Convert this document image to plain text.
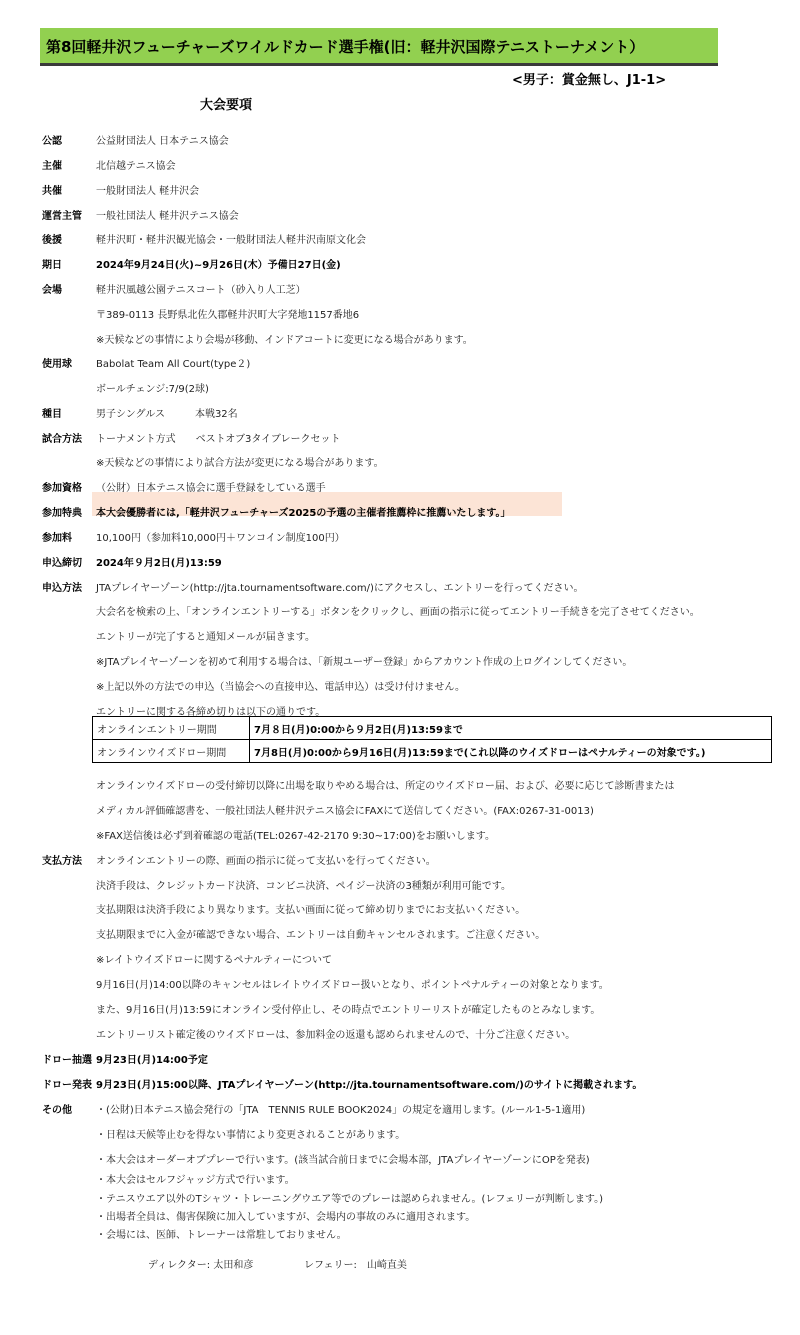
第8回軽井沢フューチャーズワイルドカード選手権(旧：軽井沢国際テニストーナメント）
<男子：賞金無し、J1-1>
大会要項
公認	公益財団法人 日本テニス協会
主催	北信越テニス協会
共催	一般財団法人 軽井沢会
運営主管 一般社団法人 軽井沢テニス協会
後援	軽井沢町・軽井沢観光協会・一般財団法人軽井沢南原文化会
期日	2024年9月24日(火)~9月26日(木）予備日27日(金)
会場	軽井沢風越公園テニスコート（砂入り人工芝）
〒389-0113 長野県北佐久郡軽井沢町大字発地1157番地6
※天候などの事情により会場が移動、インドアコートに変更になる場合があります。
使用球 Babolat Team All Court(type２)
ボールチェンジ:7/9(2球)
種目	男子シングルス　　　本戦32名
試合方法 トーナメント方式　　ベストオブ3タイブレークセット
※天候などの事情により試合方法が変更になる場合があります。
参加資格 （公財）日本テニス協会に選手登録をしている選手
参加特典 本大会優勝者には,「軽井沢フューチャーズ2025の予選の主催者推薦枠に推薦いたします。」
参加料 10,100円（参加料10,000円＋ワンコイン制度100円）
申込締切 2024年９月2日(月)13:59
申込方法 JTAプレイヤーゾーン(http://jta.tournamentsoftware.com/)にアクセスし、エントリーを行ってください。
大会名を検索の上、「オンラインエントリーする」ボタンをクリックし、画面の指示に従ってエントリー手続きを完了させてください。
エントリーが完了すると通知メールが届きます。
※JTAプレイヤーゾーンを初めて利用する場合は、「新規ユーザー登録」からアカウント作成の上ログインしてください。
※上記以外の方法での申込（当協会への直接申込、電話申込）は受け付けません。
エントリーに関する各締め切りは以下の通りです。
オンラインウイズドローの受付締切以降に出場を取りやめる場合は、所定のウイズドロー届、および、必要に応じて診断書または
メディカル評価確認書を、一般社団法人軽井沢テニス協会にFAXにて送信してください。(FAX:0267-31-0013)
※FAX送信後は必ず到着確認の電話(TEL:0267-42-2170 9:30~17:00)をお願いします。
支払方法 オンラインエントリーの際、画面の指示に従って支払いを行ってください。
決済手段は、クレジットカード決済、コンビニ決済、ペイジー決済の3種類が利用可能です。
支払期限は決済手段により異なります。支払い画面に従って締め切りまでにお支払いください。
支払期限までに入金が確認できない場合、エントリーは自動キャンセルされます。ご注意ください。
※レイトウイズドローに関するペナルティーについて
9月16日(月)14:00以降のキャンセルはレイトウイズドロー扱いとなり、ポイントペナルティーの対象となります。
また、9月16日(月)13:59にオンライン受付停止し、その時点でエントリーリストが確定したものとみなします。
エントリーリスト確定後のウイズドローは、参加料金の返還も認められませんので、十分ご注意ください。
ドロー抽選 9月23日(月)14:00予定
ドロー発表 9月23日(月)15:00以降、JTAプレイヤーゾーン(http://jta.tournamentsoftware.com/)のサイトに掲載されます。
その他 ・(公財)日本テニス協会発行の「JTA　TENNIS RULE BOOK2024」の規定を適用します。(ルール1-5-1適用)
・日程は天候等止むを得ない事情により変更されることがあります。
・本大会はオーダーオブプレーで行います。(該当試合前日までに会場本部，JTAプレイヤーゾーンにOPを発表)
・本大会はセルフジャッジ方式で行います。
・テニスウエア以外のTシャツ・トレーニングウエア等でのプレーは認められません。(レフェリーが判断します。)
・出場者全員は、傷害保険に加入していますが、会場内の事故のみに適用されます。
・会場には、医師、トレーナーは常駐しておりません。
オンラインエントリー期間	7月８日(月)0:00から９月2日(月)13:59まで
オンラインウイズドロー期間	7月8日(月)0:00から9月16日(月)13:59まで(これ以降のウイズドローはペナルティーの対象です。)
ディレクター: 太田和彦	レフェリー:　山崎直美
